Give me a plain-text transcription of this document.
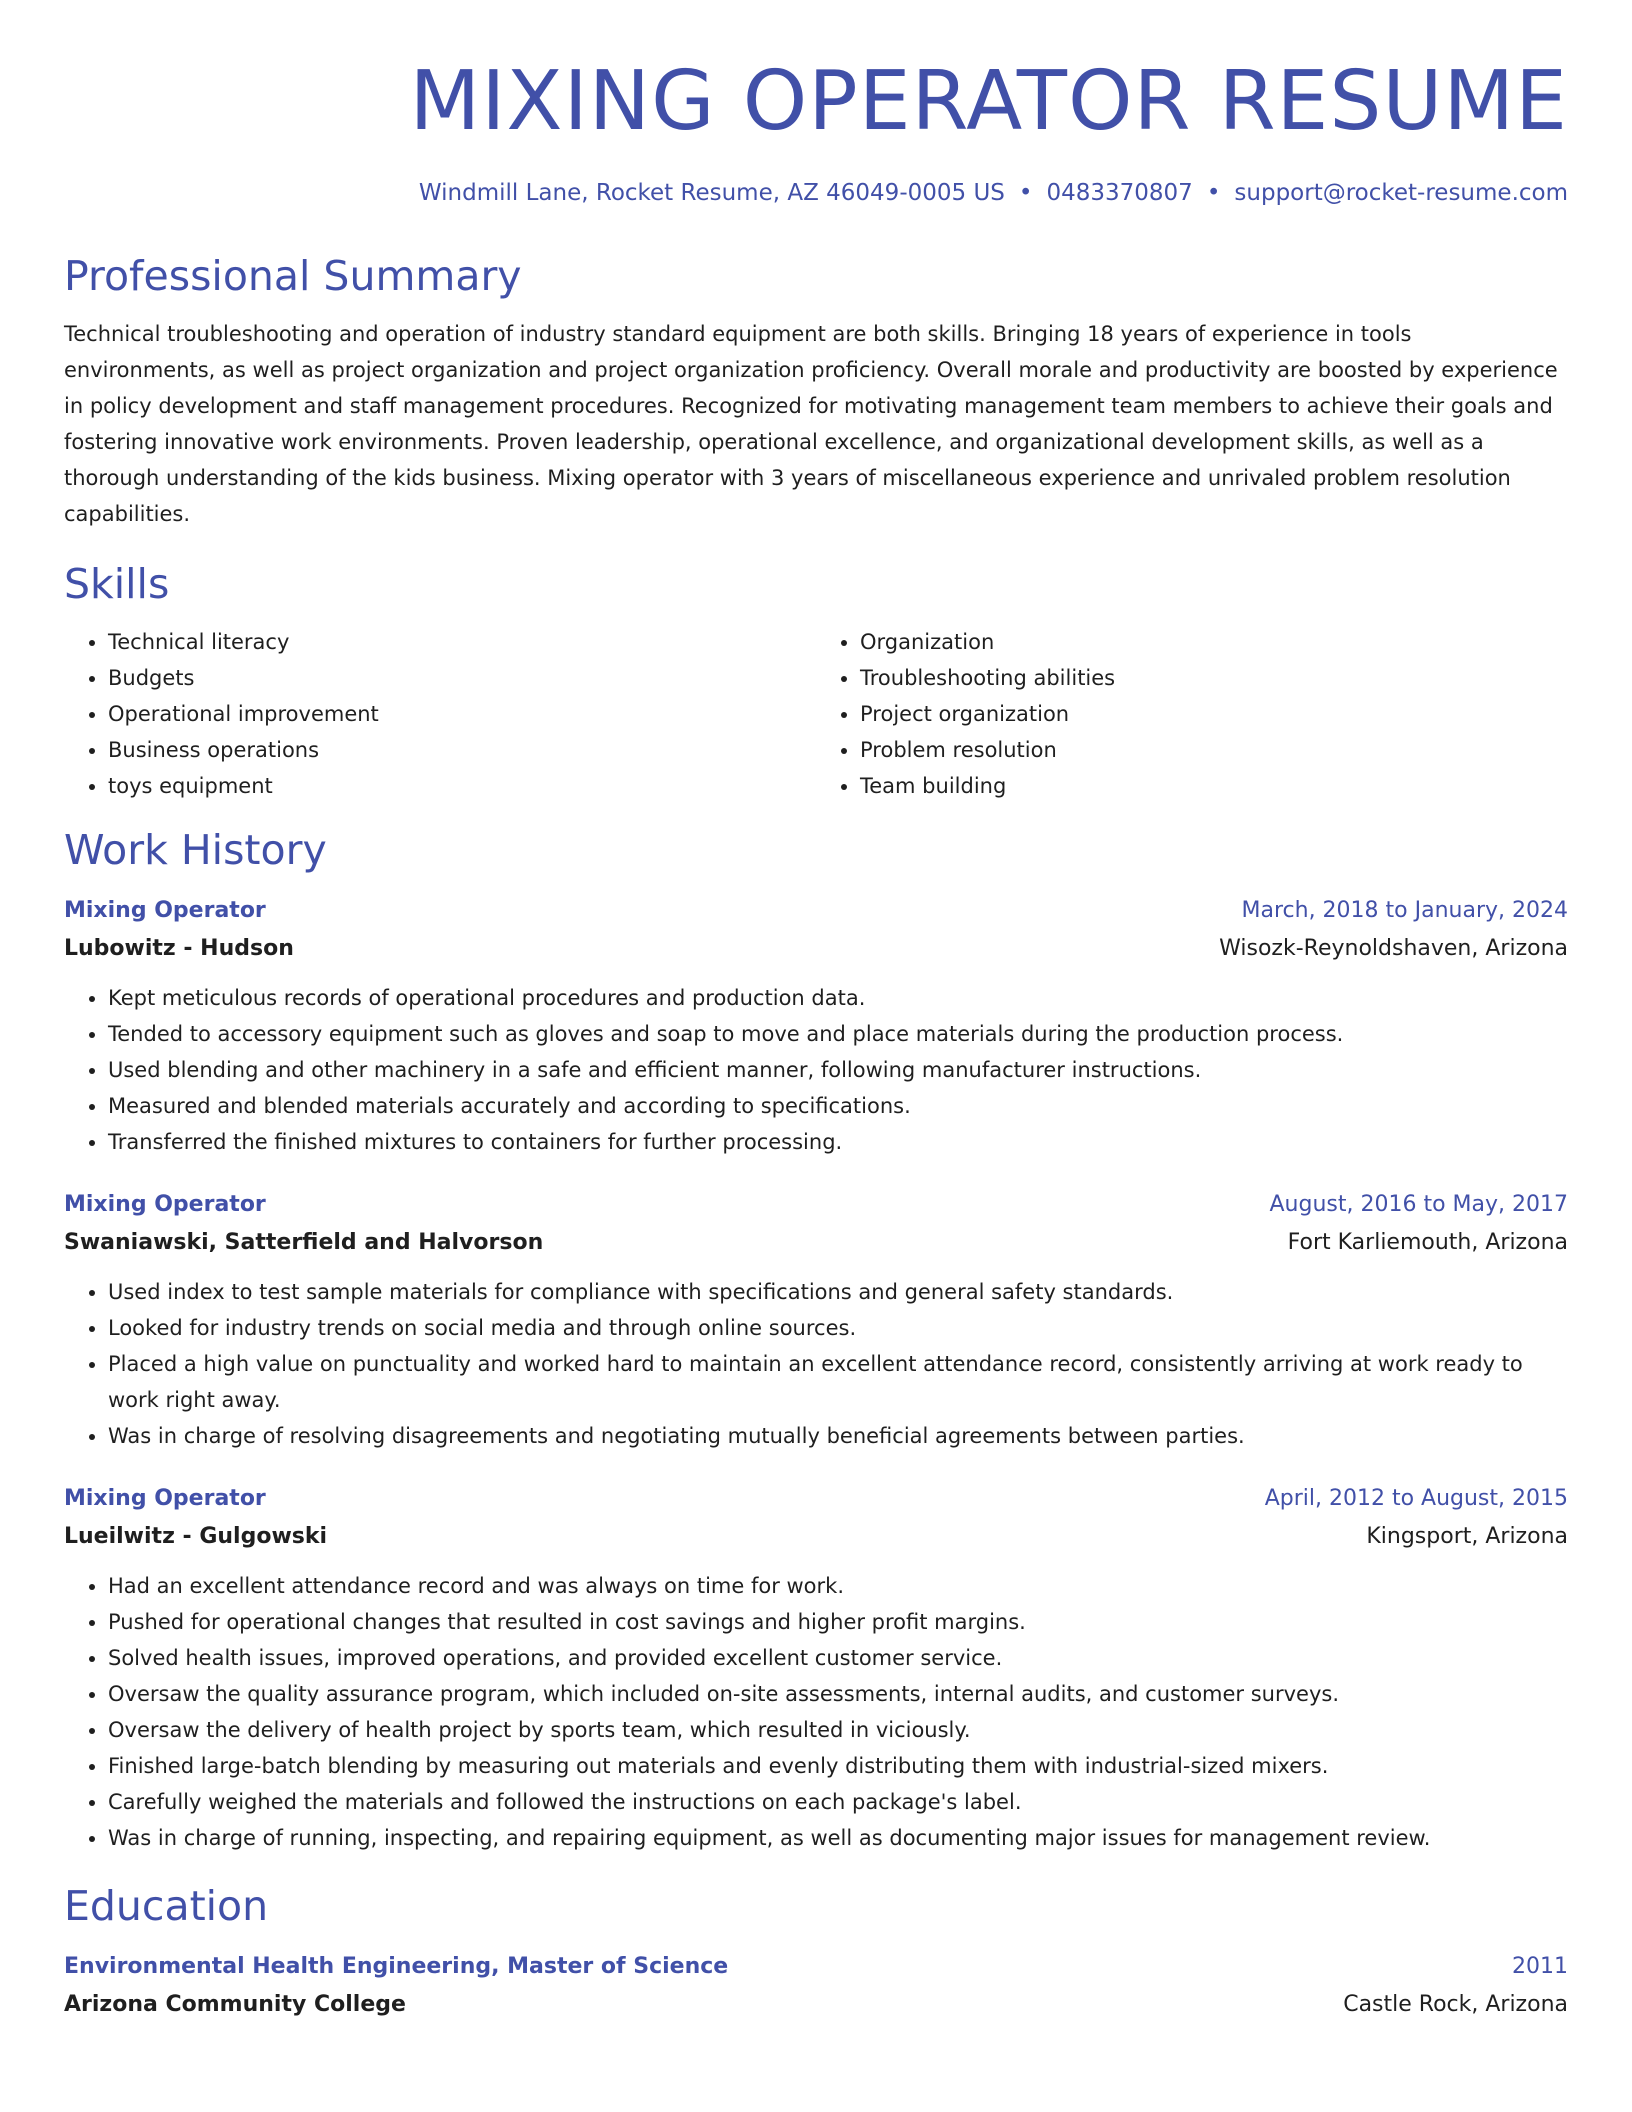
MIXING OPERATOR RESUME
Windmill Lane, Rocket Resume, AZ 46049-0005 US • 0483370807 • support@rocket-resume.com
Professional Summary

Technical troubleshooting and operation of industry standard equipment are both skills. Bringing 18 years of experience in tools environments, as well as project organization and project organization proficiency. Overall morale and productivity are boosted by experience in policy development and staff management procedures. Recognized for motivating management team members to achieve their goals and fostering innovative work environments. Proven leadership, operational excellence, and organizational development skills, as well as a thorough understanding of the kids business. Mixing operator with 3 years of miscellaneous experience and unrivaled problem resolution capabilities.

Skills
• Technical literacy
• Budgets
• Operational improvement
• Business operations
• toys equipment
• Organization
• Troubleshooting abilities
• Project organization
• Problem resolution
• Team building
Work History
Mixing Operator	March, 2018 to January, 2024
Lubowitz - Hudson	Wisozk-Reynoldshaven, Arizona
• Kept meticulous records of operational procedures and production data.
• Tended to accessory equipment such as gloves and soap to move and place materials during the production process.
• Used blending and other machinery in a safe and efficient manner, following manufacturer instructions.
• Measured and blended materials accurately and according to specifications.
• Transferred the finished mixtures to containers for further processing.
Mixing Operator	August, 2016 to May, 2017
Swaniawski, Satterfield and Halvorson	Fort Karliemouth, Arizona
• Used index to test sample materials for compliance with specifications and general safety standards.
• Looked for industry trends on social media and through online sources.
• Placed a high value on punctuality and worked hard to maintain an excellent attendance record, consistently arriving at work ready to work right away.
• Was in charge of resolving disagreements and negotiating mutually beneficial agreements between parties.
Mixing Operator	April, 2012 to August, 2015
Lueilwitz - Gulgowski	Kingsport, Arizona
• Had an excellent attendance record and was always on time for work.
• Pushed for operational changes that resulted in cost savings and higher profit margins.
• Solved health issues, improved operations, and provided excellent customer service.
• Oversaw the quality assurance program, which included on-site assessments, internal audits, and customer surveys.
• Oversaw the delivery of health project by sports team, which resulted in viciously.
• Finished large-batch blending by measuring out materials and evenly distributing them with industrial-sized mixers.
• Carefully weighed the materials and followed the instructions on each package's label.
• Was in charge of running, inspecting, and repairing equipment, as well as documenting major issues for management review.
Education
Environmental Health Engineering, Master of Science	2011
Arizona Community College	Castle Rock, Arizona
